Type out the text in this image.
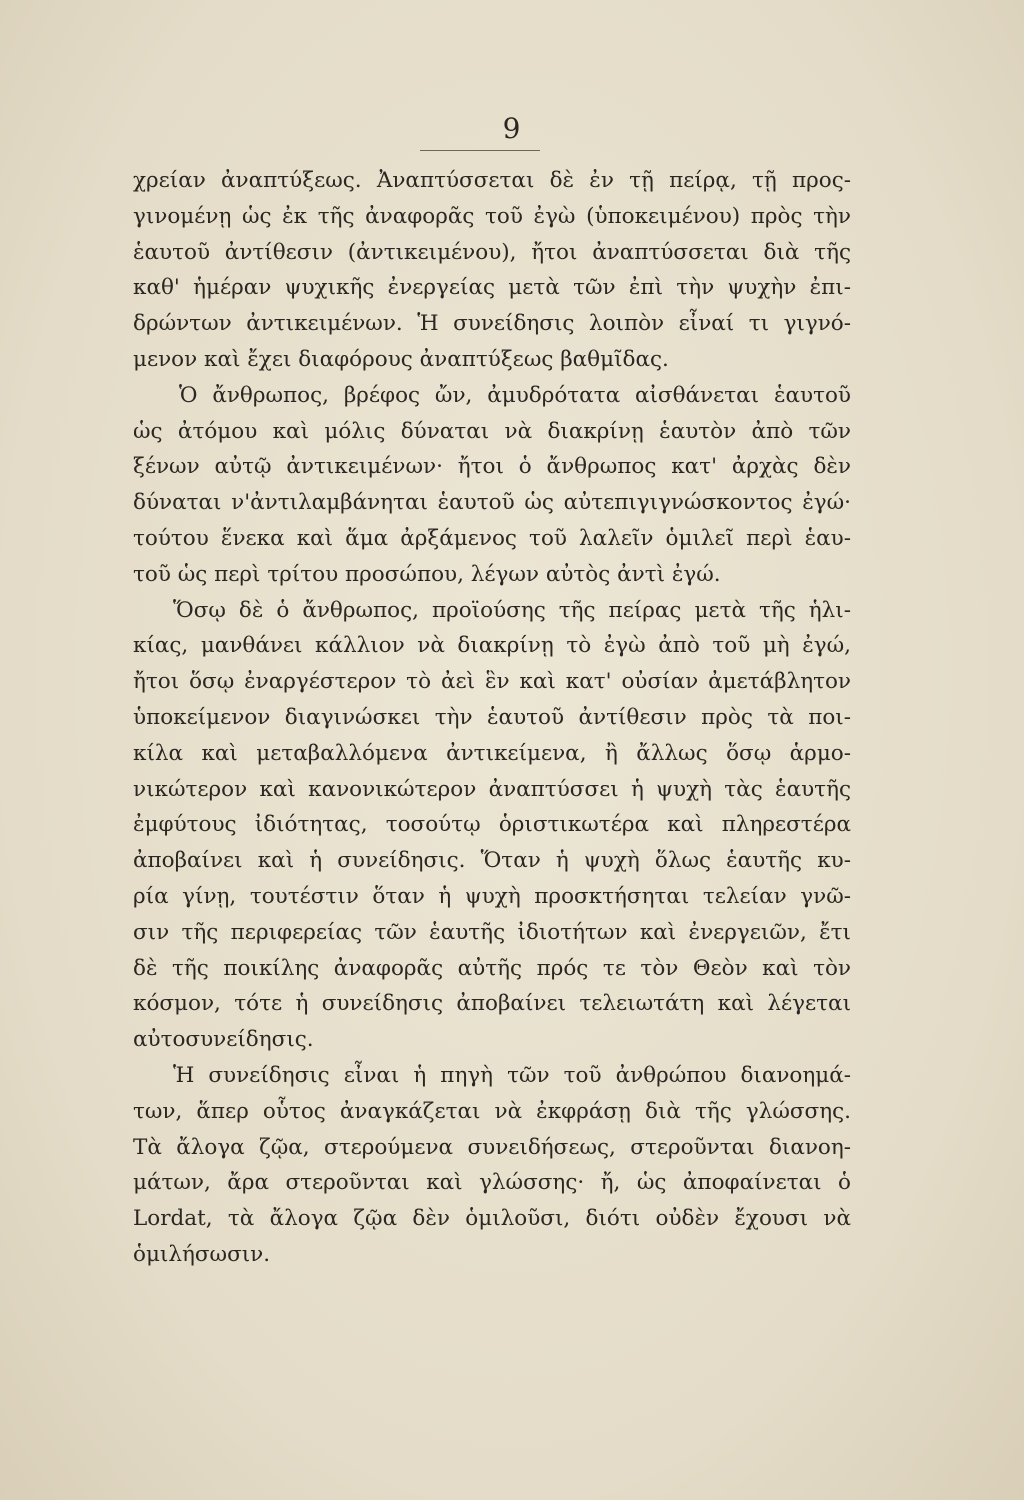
9
χρείαν ἀναπτύξεως. Ἀναπτύσσεται δὲ ἐν τῇ πείρᾳ, τῇ προς-
γινομένῃ ὡς ἐκ τῆς ἀναφορᾶς τοῦ ἐγὼ (ὑποκειμένου) πρὸς τὴν
ἑαυτοῦ ἀντίθεσιν (ἀντικειμένου), ἤτοι ἀναπτύσσεται διὰ τῆς
καθ' ἡμέραν ψυχικῆς ἐνεργείας μετὰ τῶν ἐπὶ τὴν ψυχὴν ἐπι-
δρώντων ἀντικειμένων. Ἡ συνείδησις λοιπὸν εἶναί τι γιγνό-
μενον καὶ ἔχει διαφόρους ἀναπτύξεως βαθμῖδας.
Ὁ ἄνθρωπος, βρέφος ὤν, ἀμυδρότατα αἰσθάνεται ἑαυτοῦ
ὡς ἀτόμου καὶ μόλις δύναται νὰ διακρίνῃ ἑαυτὸν ἀπὸ τῶν
ξένων αὐτῷ ἀντικειμένων· ἤτοι ὁ ἄνθρωπος κατ' ἀρχὰς δὲν
δύναται ν'ἀντιλαμβάνηται ἑαυτοῦ ὡς αὐτεπιγιγνώσκοντος ἐγώ·
τούτου ἕνεκα καὶ ἅμα ἀρξάμενος τοῦ λαλεῖν ὁμιλεῖ περὶ ἑαυ-
τοῦ ὡς περὶ τρίτου προσώπου, λέγων αὐτὸς ἀντὶ ἐγώ.
Ὅσῳ δὲ ὁ ἄνθρωπος, προϊούσης τῆς πείρας μετὰ τῆς ἡλι-
κίας, μανθάνει κάλλιον νὰ διακρίνῃ τὸ ἐγὼ ἀπὸ τοῦ μὴ ἐγώ,
ἤτοι ὅσῳ ἐναργέστερον τὸ ἀεὶ ἓν καὶ κατ' οὐσίαν ἀμετάβλητον
ὑποκείμενον διαγινώσκει τὴν ἑαυτοῦ ἀντίθεσιν πρὸς τὰ ποι-
κίλα καὶ μεταβαλλόμενα ἀντικείμενα, ἢ ἄλλως ὅσῳ ἁρμο-
νικώτερον καὶ κανονικώτερον ἀναπτύσσει ἡ ψυχὴ τὰς ἑαυτῆς
ἐμφύτους ἰδιότητας, τοσούτῳ ὁριστικωτέρα καὶ πληρεστέρα
ἀποβαίνει καὶ ἡ συνείδησις. Ὅταν ἡ ψυχὴ ὅλως ἑαυτῆς κυ-
ρία γίνῃ, τουτέστιν ὅταν ἡ ψυχὴ προσκτήσηται τελείαν γνῶ-
σιν τῆς περιφερείας τῶν ἑαυτῆς ἰδιοτήτων καὶ ἐνεργειῶν, ἔτι
δὲ τῆς ποικίλης ἀναφορᾶς αὐτῆς πρός τε τὸν Θεὸν καὶ τὸν
κόσμον, τότε ἡ συνείδησις ἀποβαίνει τελειωτάτη καὶ λέγεται
αὐτοσυνείδησις.
Ἡ συνείδησις εἶναι ἡ πηγὴ τῶν τοῦ ἀνθρώπου διανοημά-
των, ἅπερ οὗτος ἀναγκάζεται νὰ ἐκφράσῃ διὰ τῆς γλώσσης.
Τὰ ἄλογα ζῷα, στερούμενα συνειδήσεως, στεροῦνται διανοη-
μάτων, ἄρα στεροῦνται καὶ γλώσσης· ἤ, ὡς ἀποφαίνεται ὁ
Lordat, τὰ ἄλογα ζῷα δὲν ὁμιλοῦσι, διότι οὐδὲν ἔχουσι νὰ
ὁμιλήσωσιν.
